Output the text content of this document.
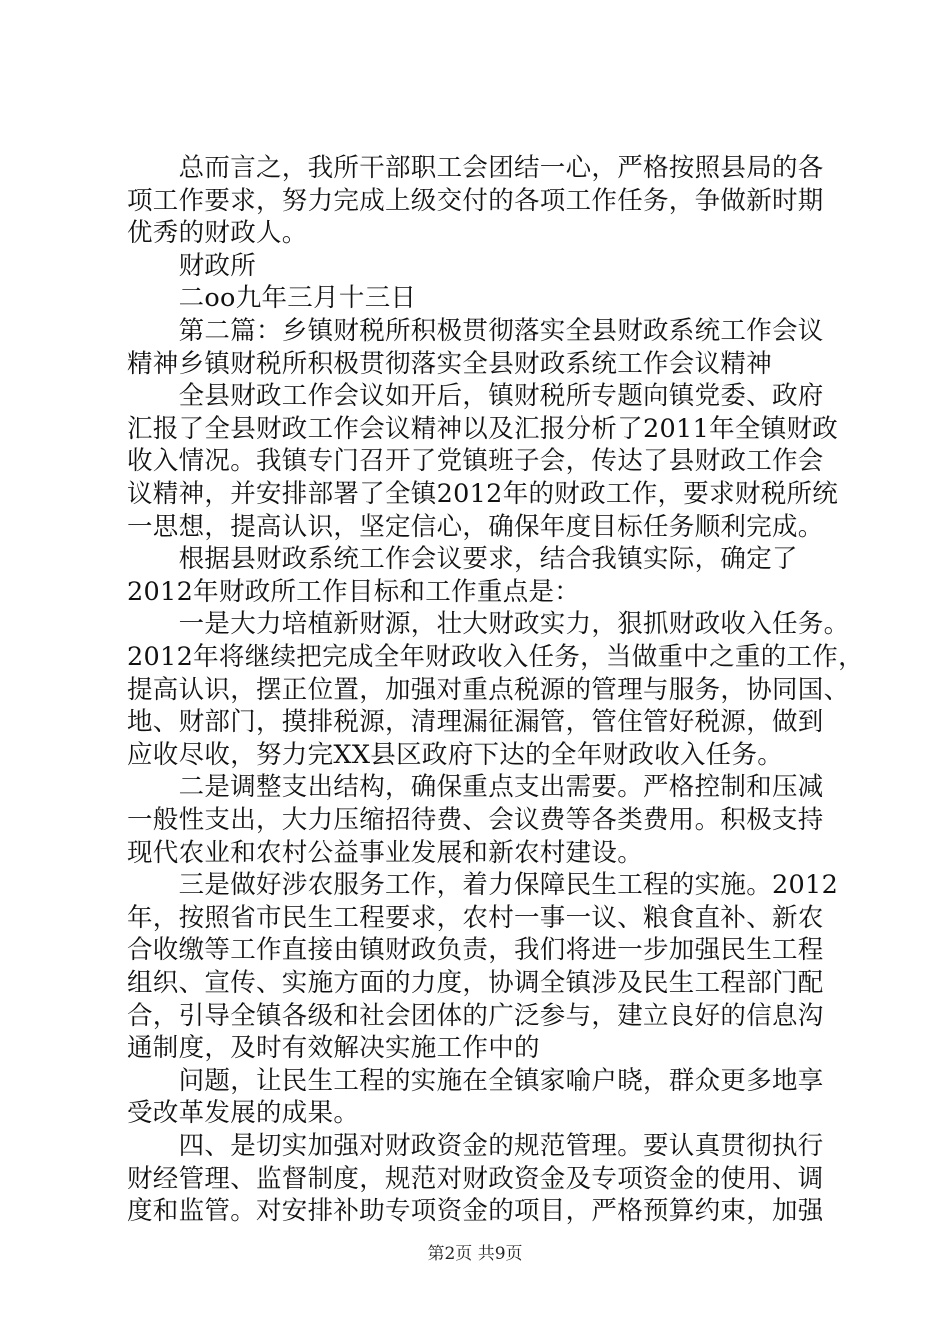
　　总而言之，我所干部职工会团结一心，严格按照县局的各
项工作要求，努力完成上级交付的各项工作任务，争做新时期
优秀的财政人。
　　财政所
　　二oo九年三月十三日
　　第二篇：乡镇财税所积极贯彻落实全县财政系统工作会议
精神乡镇财税所积极贯彻落实全县财政系统工作会议精神
　　全县财政工作会议如开后，镇财税所专题向镇党委、政府
汇报了全县财政工作会议精神以及汇报分析了2011年全镇财政
收入情况。我镇专门召开了党镇班子会，传达了县财政工作会
议精神，并安排部署了全镇2012年的财政工作，要求财税所统
一思想，提高认识，坚定信心，确保年度目标任务顺利完成。
　　根据县财政系统工作会议要求，结合我镇实际，确定了
2012年财政所工作目标和工作重点是：
　　一是大力培植新财源，壮大财政实力，狠抓财政收入任务。
2012年将继续把完成全年财政收入任务，当做重中之重的工作，
提高认识，摆正位置，加强对重点税源的管理与服务，协同国、
地、财部门，摸排税源，清理漏征漏管，管住管好税源，做到
应收尽收，努力完XX县区政府下达的全年财政收入任务。
　　二是调整支出结构，确保重点支出需要。严格控制和压减
一般性支出，大力压缩招待费、会议费等各类费用。积极支持
现代农业和农村公益事业发展和新农村建设。
　　三是做好涉农服务工作，着力保障民生工程的实施。2012
年，按照省市民生工程要求，农村一事一议、粮食直补、新农
合收缴等工作直接由镇财政负责，我们将进一步加强民生工程
组织、宣传、实施方面的力度，协调全镇涉及民生工程部门配
合，引导全镇各级和社会团体的广泛参与，建立良好的信息沟
通制度，及时有效解决实施工作中的
　　问题，让民生工程的实施在全镇家喻户晓，群众更多地享
受改革发展的成果。
　　四、是切实加强对财政资金的规范管理。要认真贯彻执行
财经管理、监督制度，规范对财政资金及专项资金的使用、调
度和监管。对安排补助专项资金的项目，严格预算约束，加强
第2页 共9页
